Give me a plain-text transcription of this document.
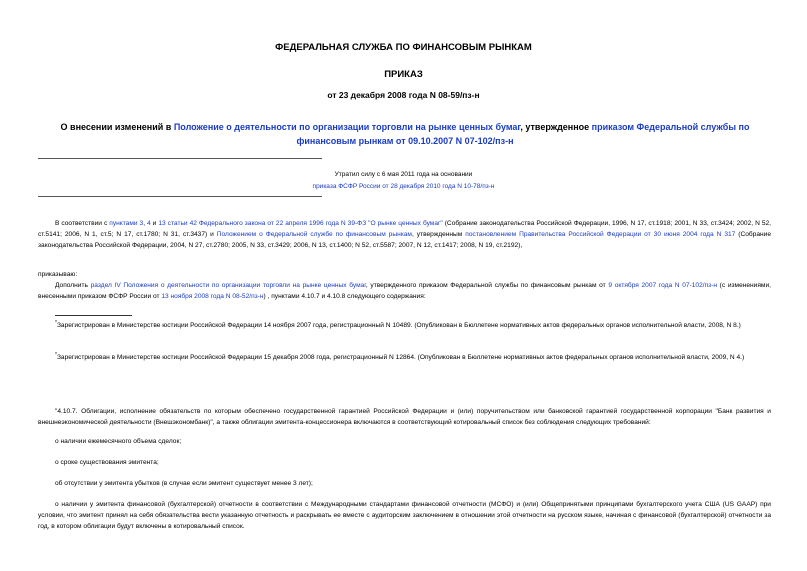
ФЕДЕРАЛЬНАЯ СЛУЖБА ПО ФИНАНСОВЫМ РЫНКАМ
ПРИКАЗ
от 23 декабря 2008 года N 08-59/пз-н
О внесении изменений в Положение о деятельности по организации торговли на рынке ценных бумаг, утвержденное приказом Федеральной службы по финансовым рынкам от 09.10.2007 N 07-102/пз-н
Утратил силу с 6 мая 2011 года на основании
приказа ФСФР России от 28 декабря 2010 года N 10-78/пз-н
В соответствии с пунктами 3, 4 и 13 статьи 42 Федерального закона от 22 апреля 1996 года N 39-ФЗ "О рынке ценных бумаг" (Собрание законодательства Российской Федерации, 1996, N 17, ст.1918; 2001, N 33, ст.3424; 2002, N 52, ст.5141; 2006, N 1, ст.5; N 17, ст.1780; N 31, ст.3437) и Положением о Федеральной службе по финансовым рынкам, утвержденным постановлением Правительства Российской Федерации от 30 июня 2004 года N 317 (Собрание законодательства Российской Федерации, 2004, N 27, ст.2780; 2005, N 33, ст.3429; 2006, N 13, ст.1400; N 52, ст.5587; 2007, N 12, ст.1417; 2008, N 19, ст.2192),
приказываю:
Дополнить раздел IV Положения о деятельности по организации торговли на рынке ценных бумаг, утвержденного приказом Федеральной службы по финансовым рынкам от 9 октября 2007 года N 07-102/пз-н (с изменениями, внесенными приказом ФСФР России от 13 ноября 2008 года N 08-52/пз-н) , пунктами 4.10.7 и 4.10.8 следующего содержания:
*Зарегистрирован в Министерстве юстиции Российской Федерации 14 ноября 2007 года, регистрационный N 10489. (Опубликован в Бюллетене нормативных актов федеральных органов исполнительной власти, 2008, N 8.)
*Зарегистрирован в Министерстве юстиции Российской Федерации 15 декабря 2008 года, регистрационный N 12864. (Опубликован в Бюллетене нормативных актов федеральных органов исполнительной власти, 2009, N 4.)
"4.10.7. Облигации, исполнение обязательств по которым обеспечено государственной гарантией Российской Федерации и (или) поручительством или банковской гарантией государственной корпорации "Банк развития и внешнеэкономической деятельности (Внешэкономбанк)", а также облигации эмитента-концессионера включаются в соответствующий котировальный список без соблюдения следующих требований:
о наличии ежемесячного объема сделок;
о сроке существования эмитента;
об отсутствии у эмитента убытков (в случае если эмитент существует менее 3 лет);
о наличии у эмитента финансовой (бухгалтерской) отчетности в соответствии с Международными стандартами финансовой отчетности (МСФО) и (или) Общепринятыми принципами бухгалтерского учета США (US GAAP) при условии, что эмитент принял на себя обязательства вести указанную отчетность и раскрывать ее вместе с аудиторским заключением в отношении этой отчетности на русском языке, начиная с финансовой (бухгалтерской) отчетности за год, в котором облигации будут включены в котировальный список.
